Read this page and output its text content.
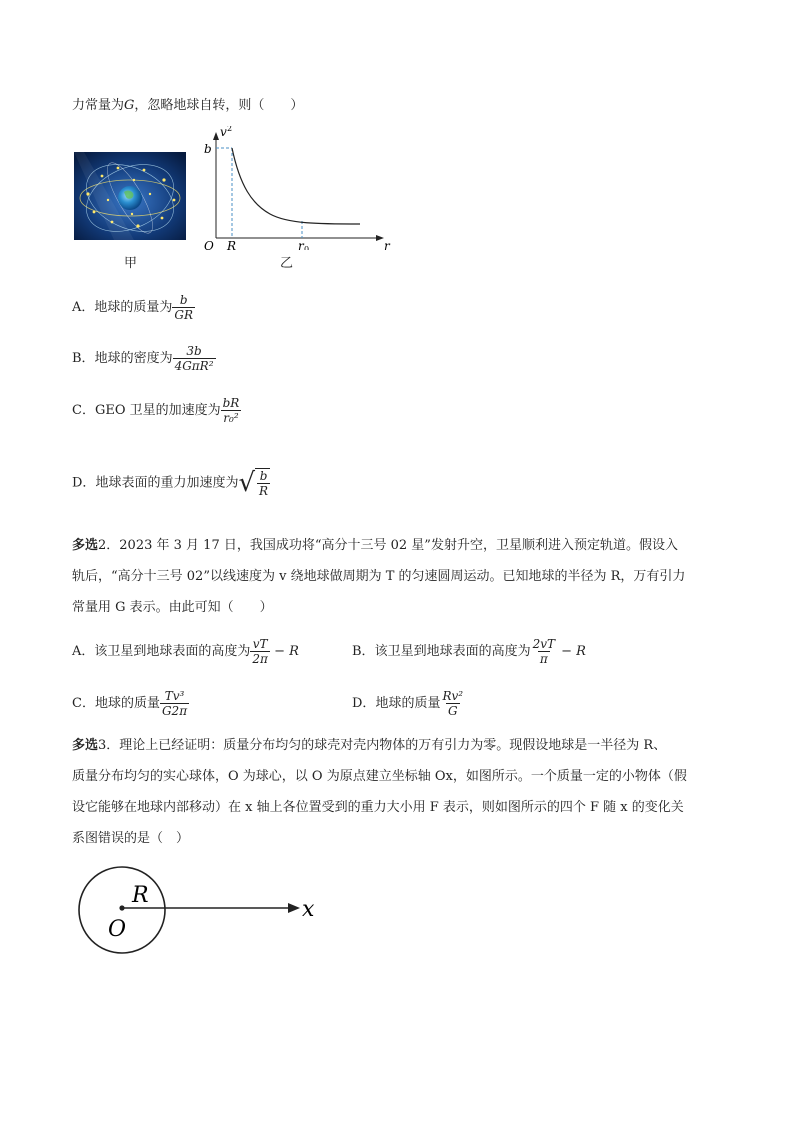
力常量为G，忽略地球自转，则（　　）
甲
v 2
b
O R	r 0	r
乙
A．地球的质量为 $\frac{b}{GR}$
B．地球的密度为 $\frac{3b}{\text{4GπR²}}$
C．GEO 卫星的加速度为 $\frac{bR}{\text{r₀²}}$
D．地球表面的重力加速度为 √ $\frac{b}{R}$
多选2．2023 年 3 月 17 日，我国成功将“高分十三号 02 星”发射升空，卫星顺利进入预定轨道。假设入
轨后，“高分十三号 02”以线速度为 v 绕地球做周期为 T 的匀速圆周运动。已知地球的半径为 R，万有引力
常量用 G 表示。由此可知（　　）
A．该卫星到地球表面的高度为 $\frac{vT}{2\pi} - R$	B．该卫星到地球表面的高度为 $\frac{2vT}{\pi} - R$
C．地球的质量 $\frac{\text{Tv³}}{G2\pi}$	D．地球的质量 $\frac{\text{Rv²}}{G}$
多选3．理论上已经证明：质量分布均匀的球壳对壳内物体的万有引力为零。现假设地球是一半径为 R、
质量分布均匀的实心球体，O 为球心，以 O 为原点建立坐标轴 Ox，如图所示。一个质量一定的小物体（假
设它能够在地球内部移动）在 x 轴上各位置受到的重力大小用 F 表示，则如图所示的四个 F 随 x 的变化关
系图错误的是（　）
R
O
x
